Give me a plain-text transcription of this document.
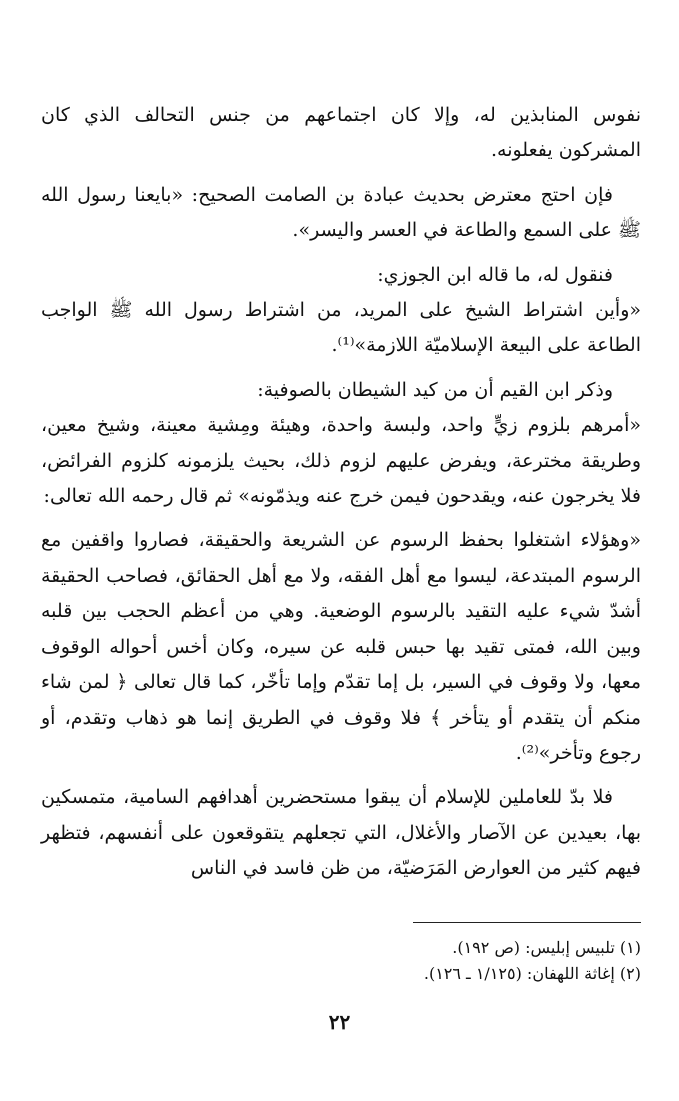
نفوس المنابذين له، وإلا كان اجتماعهم من جنس التحالف الذي كان المشركون يفعلونه.

فإن احتج معترض بحديث عبادة بن الصامت الصحيح: «بايعنا رسول الله ﷺ على السمع والطاعة في العسر واليسر».

فنقول له، ما قاله ابن الجوزي:

«وأين اشتراط الشيخ على المريد، من اشتراط رسول الله ﷺ الواجب الطاعة على البيعة الإسلاميّة اللازمة»⁽¹⁾.

وذكر ابن القيم أن من كيد الشيطان بالصوفية:

«أمرهم بلزوم زيٍّ واحد، ولبسة واحدة، وهيئة ومِشية معينة، وشيخ معين، وطريقة مخترعة، ويفرض عليهم لزوم ذلك، بحيث يلزمونه كلزوم الفرائض، فلا يخرجون عنه، ويقدحون فيمن خرج عنه ويذمّونه» ثم قال رحمه الله تعالى:

«وهؤلاء اشتغلوا بحفظ الرسوم عن الشريعة والحقيقة، فصاروا واقفين مع الرسوم المبتدعة، ليسوا مع أهل الفقه، ولا مع أهل الحقائق، فصاحب الحقيقة أشدّ شيء عليه التقيد بالرسوم الوضعية. وهي من أعظم الحجب بين قلبه وبين الله، فمتى تقيد بها حبس قلبه عن سيره، وكان أخس أحواله الوقوف معها، ولا وقوف في السير، بل إما تقدّم وإما تأخّر، كما قال تعالى ﴿ لمن شاء منكم أن يتقدم أو يتأخر ﴾ فلا وقوف في الطريق إنما هو ذهاب وتقدم، أو رجوع وتأخر»⁽²⁾.

فلا بدّ للعاملين للإسلام أن يبقوا مستحضرين أهدافهم السامية، متمسكين بها، بعيدين عن الآصار والأغلال، التي تجعلهم يتقوقعون على أنفسهم، فتظهر فيهم كثير من العوارض المَرَضيّة، من ظن فاسد في الناس

(١) تلبيس إبليس: (ص ١٩٢).

(٢) إغاثة اللهفان: (١/١٢٥ ـ ١٢٦).

٢٢
